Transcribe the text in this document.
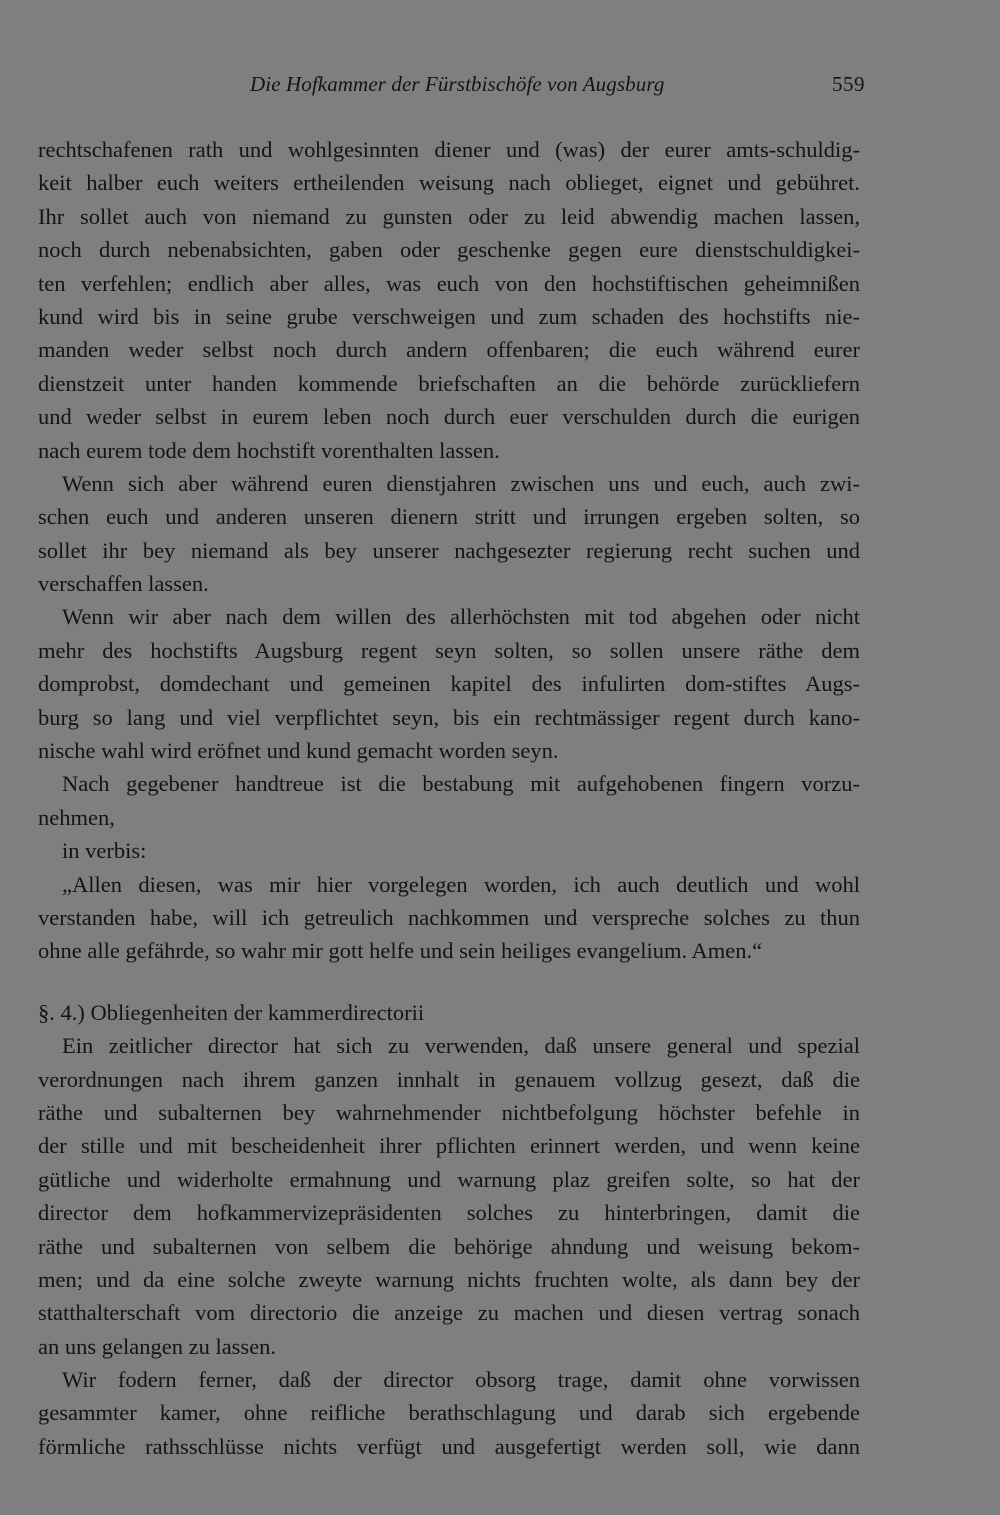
Die Hofkammer der Fürstbischöfe von Augsburg	559
rechtschafenen rath und wohlgesinnten diener und (was) der eurer amts-schuldig-
keit halber euch weiters ertheilenden weisung nach oblieget, eignet und gebühret.
Ihr sollet auch von niemand zu gunsten oder zu leid abwendig machen lassen,
noch durch nebenabsichten, gaben oder geschenke gegen eure dienstschuldigkei-
ten verfehlen; endlich aber alles, was euch von den hochstiftischen geheimnißen
kund wird bis in seine grube verschweigen und zum schaden des hochstifts nie-
manden weder selbst noch durch andern offenbaren; die euch während eurer
dienstzeit unter handen kommende briefschaften an die behörde zurückliefern
und weder selbst in eurem leben noch durch euer verschulden durch die eurigen
nach eurem tode dem hochstift vorenthalten lassen.
Wenn sich aber während euren dienstjahren zwischen uns und euch, auch zwi-
schen euch und anderen unseren dienern stritt und irrungen ergeben solten, so
sollet ihr bey niemand als bey unserer nachgesezter regierung recht suchen und
verschaffen lassen.
Wenn wir aber nach dem willen des allerhöchsten mit tod abgehen oder nicht
mehr des hochstifts Augsburg regent seyn solten, so sollen unsere räthe dem
domprobst, domdechant und gemeinen kapitel des infulirten dom-stiftes Augs-
burg so lang und viel verpflichtet seyn, bis ein rechtmässiger regent durch kano-
nische wahl wird eröfnet und kund gemacht worden seyn.
Nach gegebener handtreue ist die bestabung mit aufgehobenen fingern vorzu-
nehmen,
in verbis:
„Allen diesen, was mir hier vorgelegen worden, ich auch deutlich und wohl
verstanden habe, will ich getreulich nachkommen und verspreche solches zu thun
ohne alle gefährde, so wahr mir gott helfe und sein heiliges evangelium. Amen.“
§. 4.) Obliegenheiten der kammerdirectorii
Ein zeitlicher director hat sich zu verwenden, daß unsere general und spezial
verordnungen nach ihrem ganzen innhalt in genauem vollzug gesezt, daß die
räthe und subalternen bey wahrnehmender nichtbefolgung höchster befehle in
der stille und mit bescheidenheit ihrer pflichten erinnert werden, und wenn keine
gütliche und widerholte ermahnung und warnung plaz greifen solte, so hat der
director dem hofkammervizepräsidenten solches zu hinterbringen, damit die
räthe und subalternen von selbem die behörige ahndung und weisung bekom-
men; und da eine solche zweyte warnung nichts fruchten wolte, als dann bey der
statthalterschaft vom directorio die anzeige zu machen und diesen vertrag sonach
an uns gelangen zu lassen.
Wir fodern ferner, daß der director obsorg trage, damit ohne vorwissen
gesammter kamer, ohne reifliche berathschlagung und darab sich ergebende
förmliche rathsschlüsse nichts verfügt und ausgefertigt werden soll, wie dann
